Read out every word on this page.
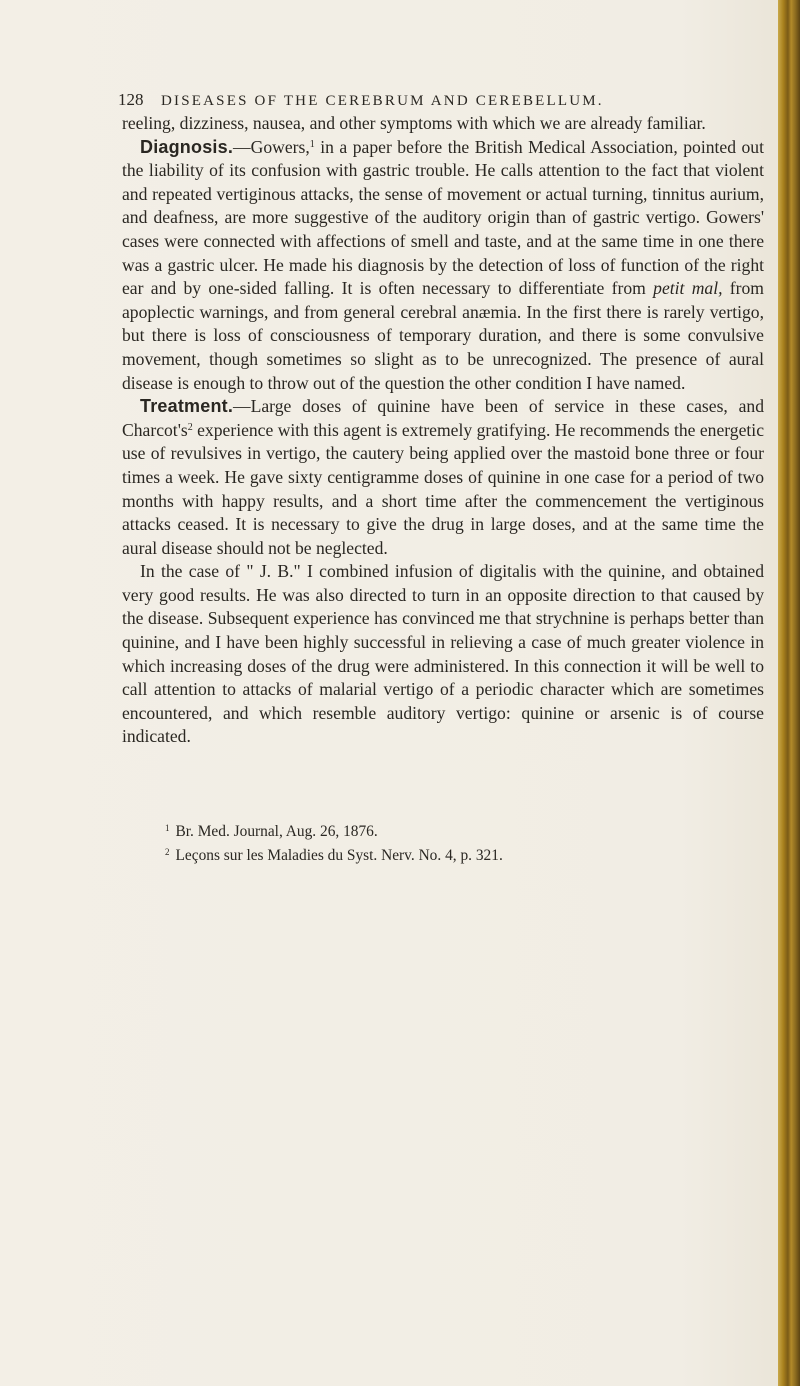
128 DISEASES OF THE CEREBRUM AND CEREBELLUM.

reeling, dizziness, nausea, and other symptoms with which we are already familiar.

Diagnosis.—Gowers,$^1$ in a paper before the British Medical Association, pointed out the liability of its confusion with gastric trouble. He calls attention to the fact that violent and repeated vertiginous attacks, the sense of movement or actual turning, tinnitus aurium, and deafness, are more suggestive of the auditory origin than of gastric vertigo. Gowers' cases were connected with affections of smell and taste, and at the same time in one there was a gastric ulcer. He made his diagnosis by the detection of loss of function of the right ear and by one-sided falling. It is often necessary to differentiate from petit mal, from apoplectic warnings, and from general cerebral anæmia. In the first there is rarely vertigo, but there is loss of consciousness of temporary duration, and there is some convulsive movement, though sometimes so slight as to be unrecognized. The presence of aural disease is enough to throw out of the question the other condition I have named.

Treatment.—Large doses of quinine have been of service in these cases, and $Charcot's^2$ experience with this agent is extremely gratifying. He recommends the energetic use of revulsives in vertigo, the cautery being applied over the mastoid bone three or four times a week. He gave sixty centigramme doses of quinine in one case for a period of two months with happy results, and a short time after the commencement the vertiginous attacks ceased. It is necessary to give the drug in large doses, and at the same time the aural disease should not be neglected.

In the case of " J. B." I combined infusion of digitalis with the quinine, and obtained very good results. He was also directed to turn in an opposite direction to that caused by the disease. Subsequent experience has convinced me that strychnine is perhaps better than quinine, and I have been highly successful in relieving a case of much greater violence in which increasing doses of the drug were administered. In this connection it will be well to call attention to attacks of malarial vertigo of a periodic character which are sometimes encountered, and which resemble auditory vertigo: quinine or arsenic is of course indicated.

$^1$ Br. Med. Journal, Aug. 26, 1876.
$^2$ Leçons sur les Maladies du Syst. Nerv. No. 4, p. 321.
